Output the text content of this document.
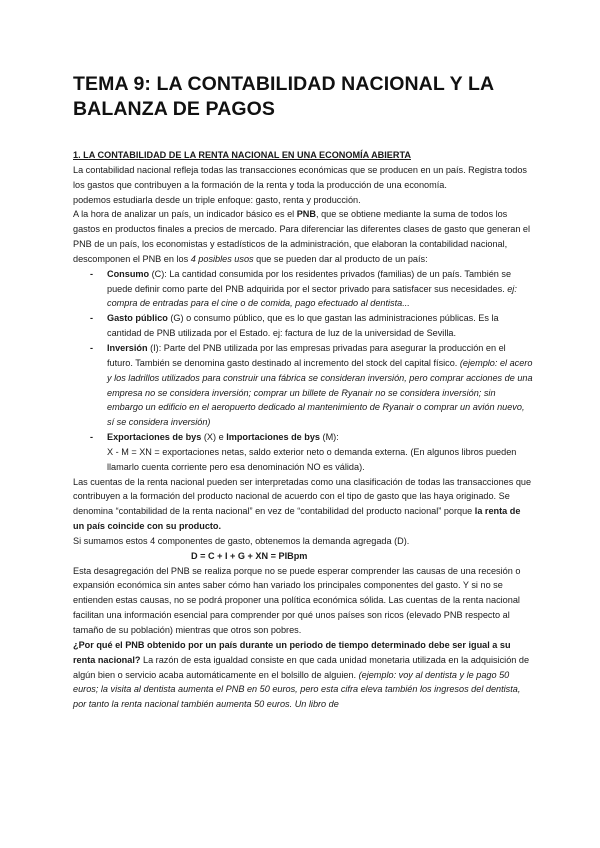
TEMA 9: LA CONTABILIDAD NACIONAL Y LA
BALANZA DE PAGOS

1. LA CONTABILIDAD DE LA RENTA NACIONAL EN UNA ECONOMÍA ABIERTA

La contabilidad nacional refleja todas las transacciones económicas que se producen en un país. Registra todos los gastos que contribuyen a la formación de la renta y toda la producción de una economía.

podemos estudiarla desde un triple enfoque: gasto, renta y producción.

A la hora de analizar un país, un indicador básico es el PNB, que se obtiene mediante la suma de todos los gastos en productos finales a precios de mercado. Para diferenciar las diferentes clases de gasto que generan el PNB de un país, los economistas y estadísticos de la administración, que elaboran la contabilidad nacional, descomponen el PNB en los 4 posibles usos que se pueden dar al producto de un país:

- Consumo (C): La cantidad consumida por los residentes privados (familias) de un país. También se puede definir como parte del PNB adquirida por el sector privado para satisfacer sus necesidades. ej: compra de entradas para el cine o de comida, pago efectuado al dentista...
- Gasto público (G) o consumo público, que es lo que gastan las administraciones públicas. Es la cantidad de PNB utilizada por el Estado. ej: factura de luz de la universidad de Sevilla.
- Inversión (I): Parte del PNB utilizada por las empresas privadas para asegurar la producción en el futuro. También se denomina gasto destinado al incremento del stock del capital físico. (ejemplo: el acero y los ladrillos utilizados para construir una fábrica se consideran inversión, pero comprar acciones de una empresa no se considera inversión; comprar un billete de Ryanair no se considera inversión; sin embargo un edificio en el aeropuerto dedicado al mantenimiento de Ryanair o comprar un avión nuevo, sí se considera inversión)
- Exportaciones de bys (X) e Importaciones de bys (M):
X - M = XN = exportaciones netas, saldo exterior neto o demanda externa. (En algunos libros pueden llamarlo cuenta corriente pero esa denominación NO es válida).

Las cuentas de la renta nacional pueden ser interpretadas como una clasificación de todas las transacciones que contribuyen a la formación del producto nacional de acuerdo con el tipo de gasto que las haya originado. Se denomina “contabilidad de la renta nacional” en vez de “contabilidad del producto nacional” porque la renta de un país coincide con su producto.

Si sumamos estos 4 componentes de gasto, obtenemos la demanda agregada (D).

D = C + I + G + XN = PIBpm

Esta desagregación del PNB se realiza porque no se puede esperar comprender las causas de una recesión o expansión económica sin antes saber cómo han variado los principales componentes del gasto. Y si no se entienden estas causas, no se podrá proponer una política económica sólida. Las cuentas de la renta nacional facilitan una información esencial para comprender por qué unos países son ricos (elevado PNB respecto al tamaño de su población) mientras que otros son pobres.

¿Por qué el PNB obtenido por un país durante un periodo de tiempo determinado debe ser igual a su renta nacional? La razón de esta igualdad consiste en que cada unidad monetaria utilizada en la adquisición de algún bien o servicio acaba automáticamente en el bolsillo de alguien. (ejemplo: voy al dentista y le pago 50 euros; la visita al dentista aumenta el PNB en 50 euros, pero esta cifra eleva también los ingresos del dentista, por tanto la renta nacional también aumenta 50 euros. Un libro de
